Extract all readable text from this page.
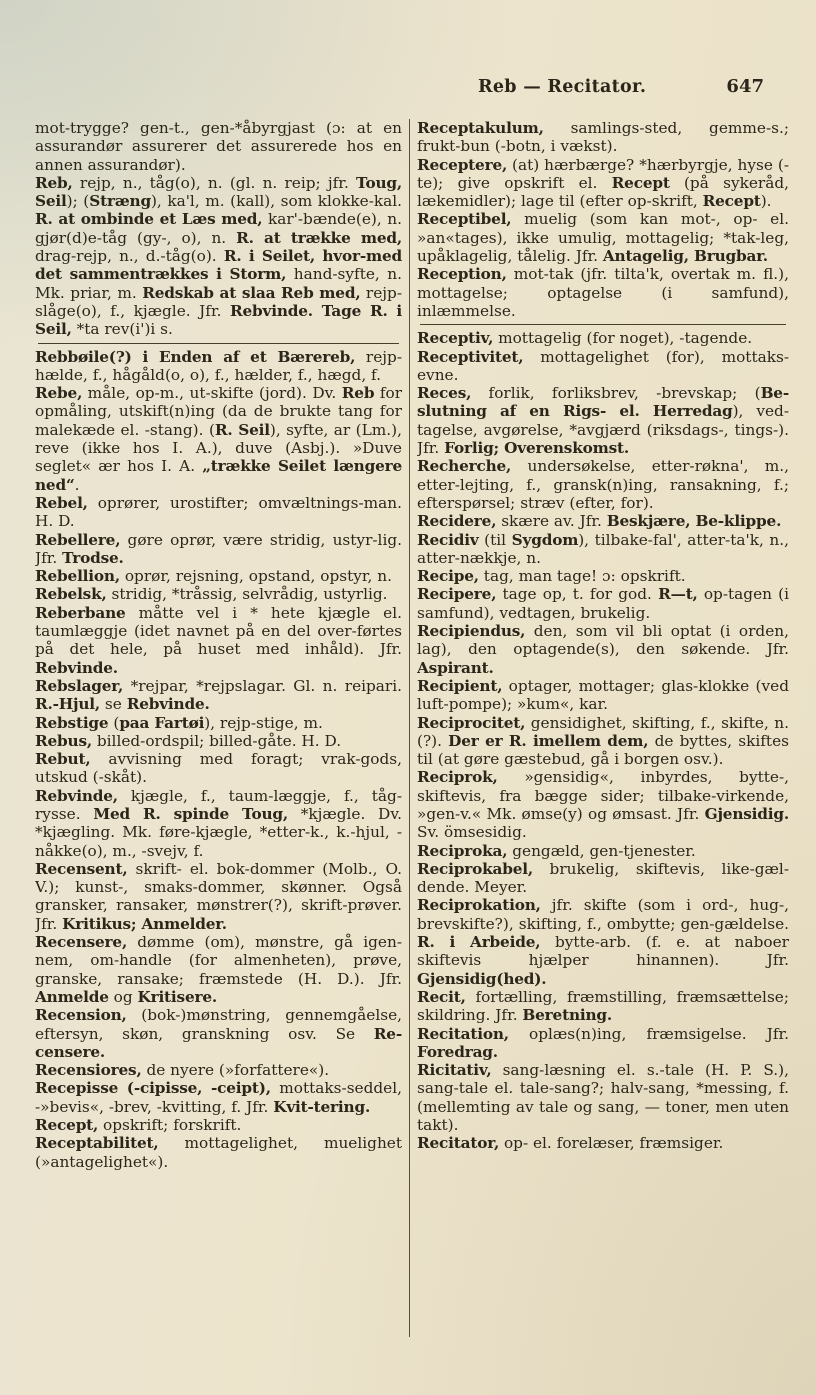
Reb — Recitator.	647

mot-trygge? gen-t., gen-*åbyrgjast (ɔ: at en assurandør assurerer det assurerede hos en annen assurandør).

Reb, rejp, n., tåg(o), n. (gl. n. reip; jfr. Toug, Seil); (Stræng), ka'l, m. (kall), som klokke-kal. R. at ombinde et Læs med, kar'-bænde(e), n. gjør(d)e-tåg (gy-, o), n. R. at trække med, drag-rejp, n., d.-tåg(o). R. i Seilet, hvor-med det sammentrækkes i Storm, hand-syfte, n. Mk. priar, m. Redskab at slaa Reb med, rejp-slåge(o), f., kjægle. Jfr. Rebvinde. Tage R. i Seil, *ta rev(i')i s.

Rebbøile(?) i Enden af et Bærereb, rejp-hælde, f., hågåld(o, o), f., hælder, f., hægd, f.

Rebe, måle, op-m., ut-skifte (jord). Dv. Reb for opmåling, utskift(n)ing (da de brukte tang for malekæde el. -stang). (R. Seil), syfte, ar (Lm.), reve (ikke hos I. A.), duve (Asbj.). »Duve seglet« ær hos I. A. „trække Seilet længere ned“.

Rebel, oprører, urostifter; omvæltnings-man. H. D.

Rebellere, gøre oprør, være stridig, ustyr-lig. Jfr. Trodse.

Rebellion, oprør, rejsning, opstand, opstyr, n.

Rebelsk, stridig, *tråssig, selvrådig, ustyrlig.

Reberbane måtte vel i * hete kjægle el. taumlæggje (idet navnet på en del over-førtes på det hele, på huset med inhåld). Jfr. Rebvinde.

Rebslager, *rejpar, *rejpslagar. Gl. n. reipari. R.-Hjul, se Rebvinde.

Rebstige (paa Fartøi), rejp-stige, m.

Rebus, billed-ordspil; billed-gåte. H. D.

Rebut, avvisning med foragt; vrak-gods, utskud (-skåt).

Rebvinde, kjægle, f., taum-læggje, f., tåg-rysse. Med R. spinde Toug, *kjægle. Dv. *kjægling. Mk. føre-kjægle, *etter-k., k.-hjul, -nåkke(o), m., -svejv, f.

Recensent, skrift- el. bok-dommer (Molb., O. V.); kunst-, smaks-dommer, skønner. Også gransker, ransaker, mønstrer(?), skrift-prøver. Jfr. Kritikus; Anmelder.

Recensere, dømme (om), mønstre, gå igen-nem, om-handle (for almenheten), prøve, granske, ransake; fræmstede (H. D.). Jfr. Anmelde og Kritisere.

Recension, (bok-)mønstring, gennemgåelse, eftersyn, skøn, granskning osv. Se Re-censere.

Recensiores, de nyere (»forfattere«).

Recepisse (-cipisse, -ceipt), mottaks-seddel, -»bevis«, -brev, -kvitting, f. Jfr. Kvit-tering.

Recept, opskrift; forskrift.

Receptabilitet, mottagelighet, muelighet (»antagelighet«).

Receptakulum, samlings-sted, gemme-s.; frukt-bun (-botn, i vækst).

Receptere, (at) hærbærge? *hærbyrgje, hyse (-te); give opskrift el. Recept (på sykeråd, lækemidler); lage til (efter op-skrift, Recept).

Receptibel, muelig (som kan mot-, op- el. »an«tages), ikke umulig, mottagelig; *tak-leg, upåklagelig, tålelig. Jfr. Antagelig, Brugbar.

Reception, mot-tak (jfr. tilta'k, overtak m. fl.), mottagelse; optagelse (i samfund), inlæmmelse.

Receptiv, mottagelig (for noget), -tagende.

Receptivitet, mottagelighet (for), mottaks-evne.

Reces, forlik, forliksbrev, -brevskap; (Be-slutning af en Rigs- el. Herredag), ved-tagelse, avgørelse, *avgjærd (riksdags-, tings-). Jfr. Forlig; Overenskomst.

Recherche, undersøkelse, etter-røkna', m., etter-lejting, f., gransk(n)ing, ransakning, f.; efterspørsel; stræv (efter, for).

Recidere, skære av. Jfr. Beskjære, Be-klippe.

Recidiv (til Sygdom), tilbake-fal', atter-ta'k, n., atter-nækkje, n.

Recipe, tag, man tage! ɔ: opskrift.

Recipere, tage op, t. for god. R—t, op-tagen (i samfund), vedtagen, brukelig.

Recipiendus, den, som vil bli optat (i orden, lag), den optagende(s), den søkende. Jfr. Aspirant.

Recipient, optager, mottager; glas-klokke (ved luft-pompe); »kum«, kar.

Reciprocitet, gensidighet, skifting, f., skifte, n.(?). Der er R. imellem dem, de byttes, skiftes til (at gøre gæstebud, gå i borgen osv.).

Reciprok, »gensidig«, inbyrdes, bytte-, skiftevis, fra bægge sider; tilbake-virkende, »gen-v.« Mk. ømse(y) og ømsast. Jfr. Gjensidig. Sv. ömsesidig.

Reciproka, gengæld, gen-tjenester.

Reciprokabel, brukelig, skiftevis, like-gæl-dende. Meyer.

Reciprokation, jfr. skifte (som i ord-, hug-, brevskifte?), skifting, f., ombytte; gen-gældelse. R. i Arbeide, bytte-arb. (f. e. at naboer skiftevis hjælper hinannen). Jfr. Gjensidig(hed).

Recit, fortælling, fræmstilling, fræmsættelse; skildring. Jfr. Beretning.

Recitation, oplæs(n)ing, fræmsigelse. Jfr. Foredrag.

Ricitativ, sang-læsning el. s.-tale (H. P. S.), sang-tale el. tale-sang?; halv-sang, *messing, f. (mellemting av tale og sang, — toner, men uten takt).

Recitator, op- el. forelæser, fræmsiger.
